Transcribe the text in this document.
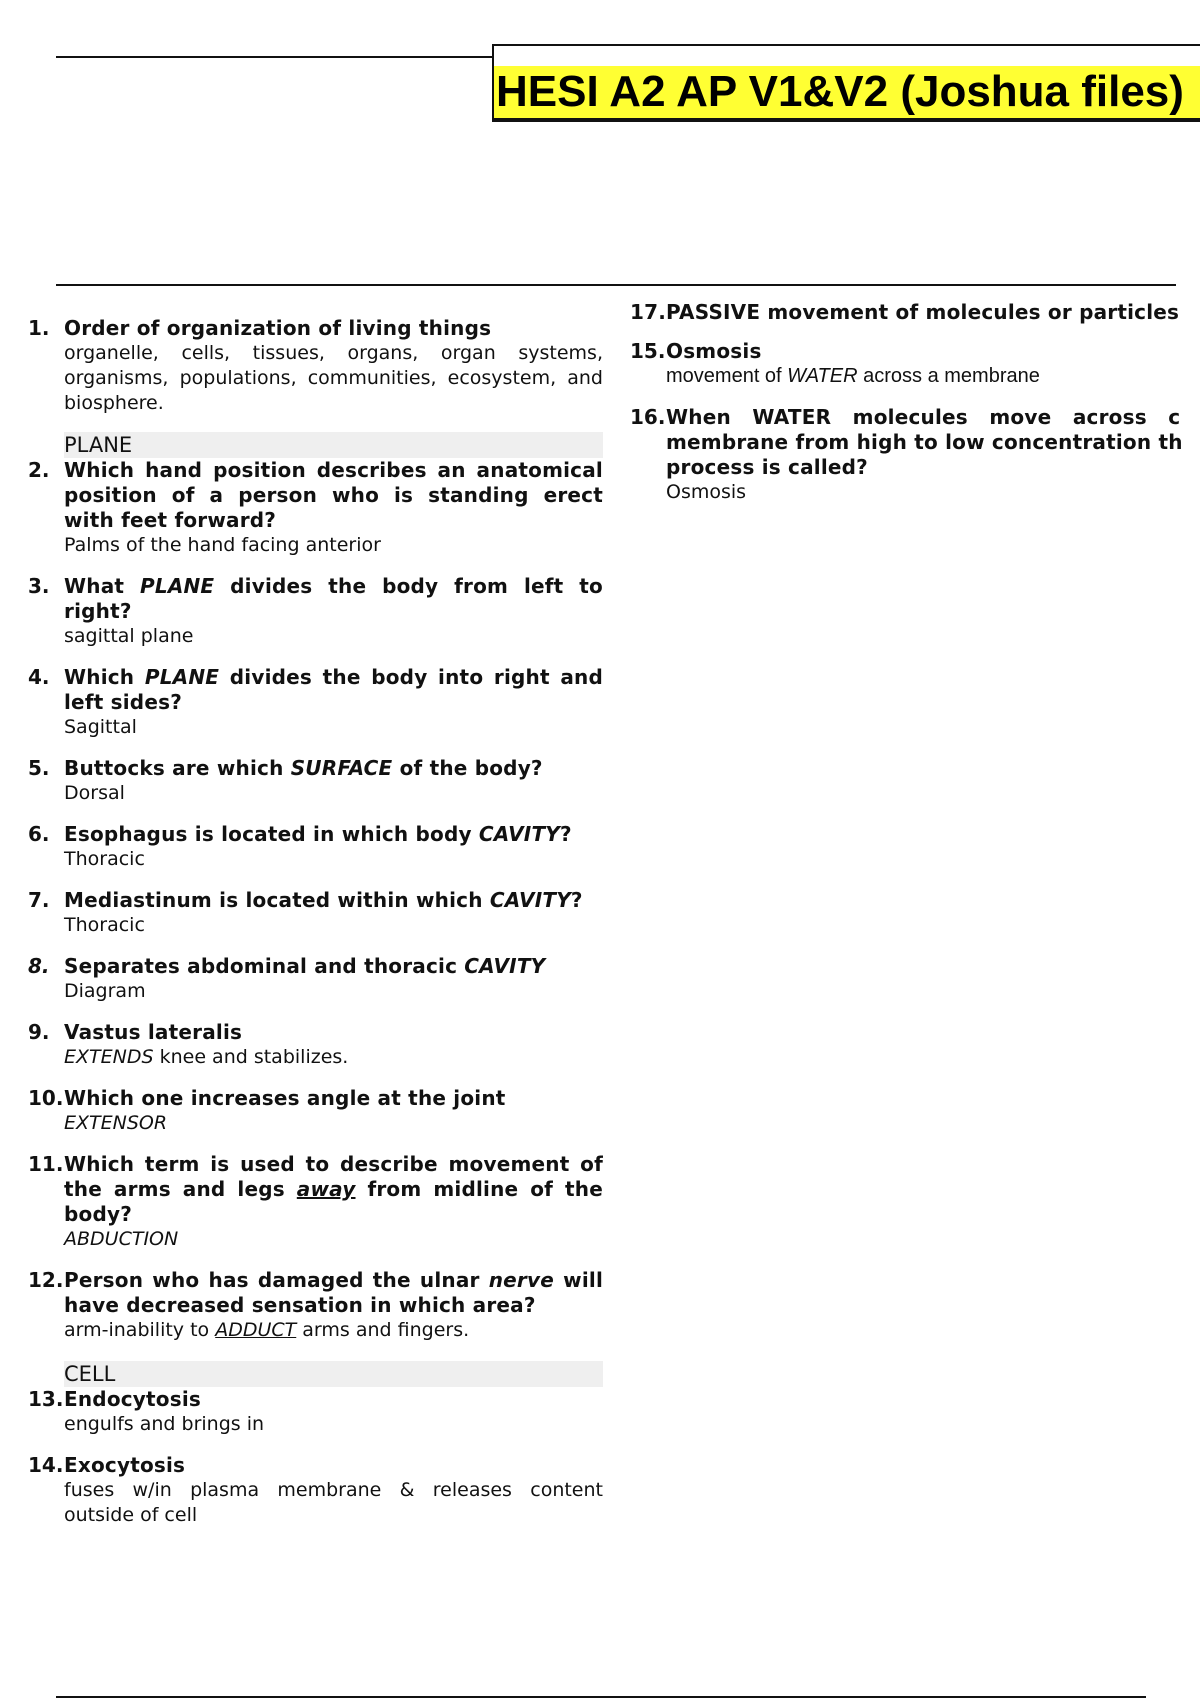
HESI A2 AP V1&V2 (Joshua files)
1. Order of organization of living things
organelle, cells, tissues, organs, organ systems, organisms, populations, communities, ecosystem, and biosphere.
PLANE
2. Which hand position describes an anatomical position of a person who is standing erect with feet forward?
Palms of the hand facing anterior
3. What PLANE divides the body from left to right?
sagittal plane
4. Which PLANE divides the body into right and left sides?
Sagittal
5. Buttocks are which SURFACE of the body?
Dorsal
6. Esophagus is located in which body CAVITY?
Thoracic
7. Mediastinum is located within which CAVITY?
Thoracic
8. Separates abdominal and thoracic CAVITY
Diagram
9. Vastus lateralis
EXTENDS knee and stabilizes.
10. Which one increases angle at the joint
EXTENSOR
11. Which term is used to describe movement of the arms and legs away from midline of the body?
ABDUCTION
12. Person who has damaged the ulnar nerve will have decreased sensation in which area?
arm-inability to ADDUCT arms and fingers.
CELL
13. Endocytosis
engulfs and brings in
14. Exocytosis
fuses w/in plasma membrane & releases content outside of cell
17.PASSIVE movement of molecules or particles
15. Osmosis
movement of WATER across a membrane
16. When   WATER   molecules   move   across   c
membrane from high to low concentration th
process is called?
Osmosis
